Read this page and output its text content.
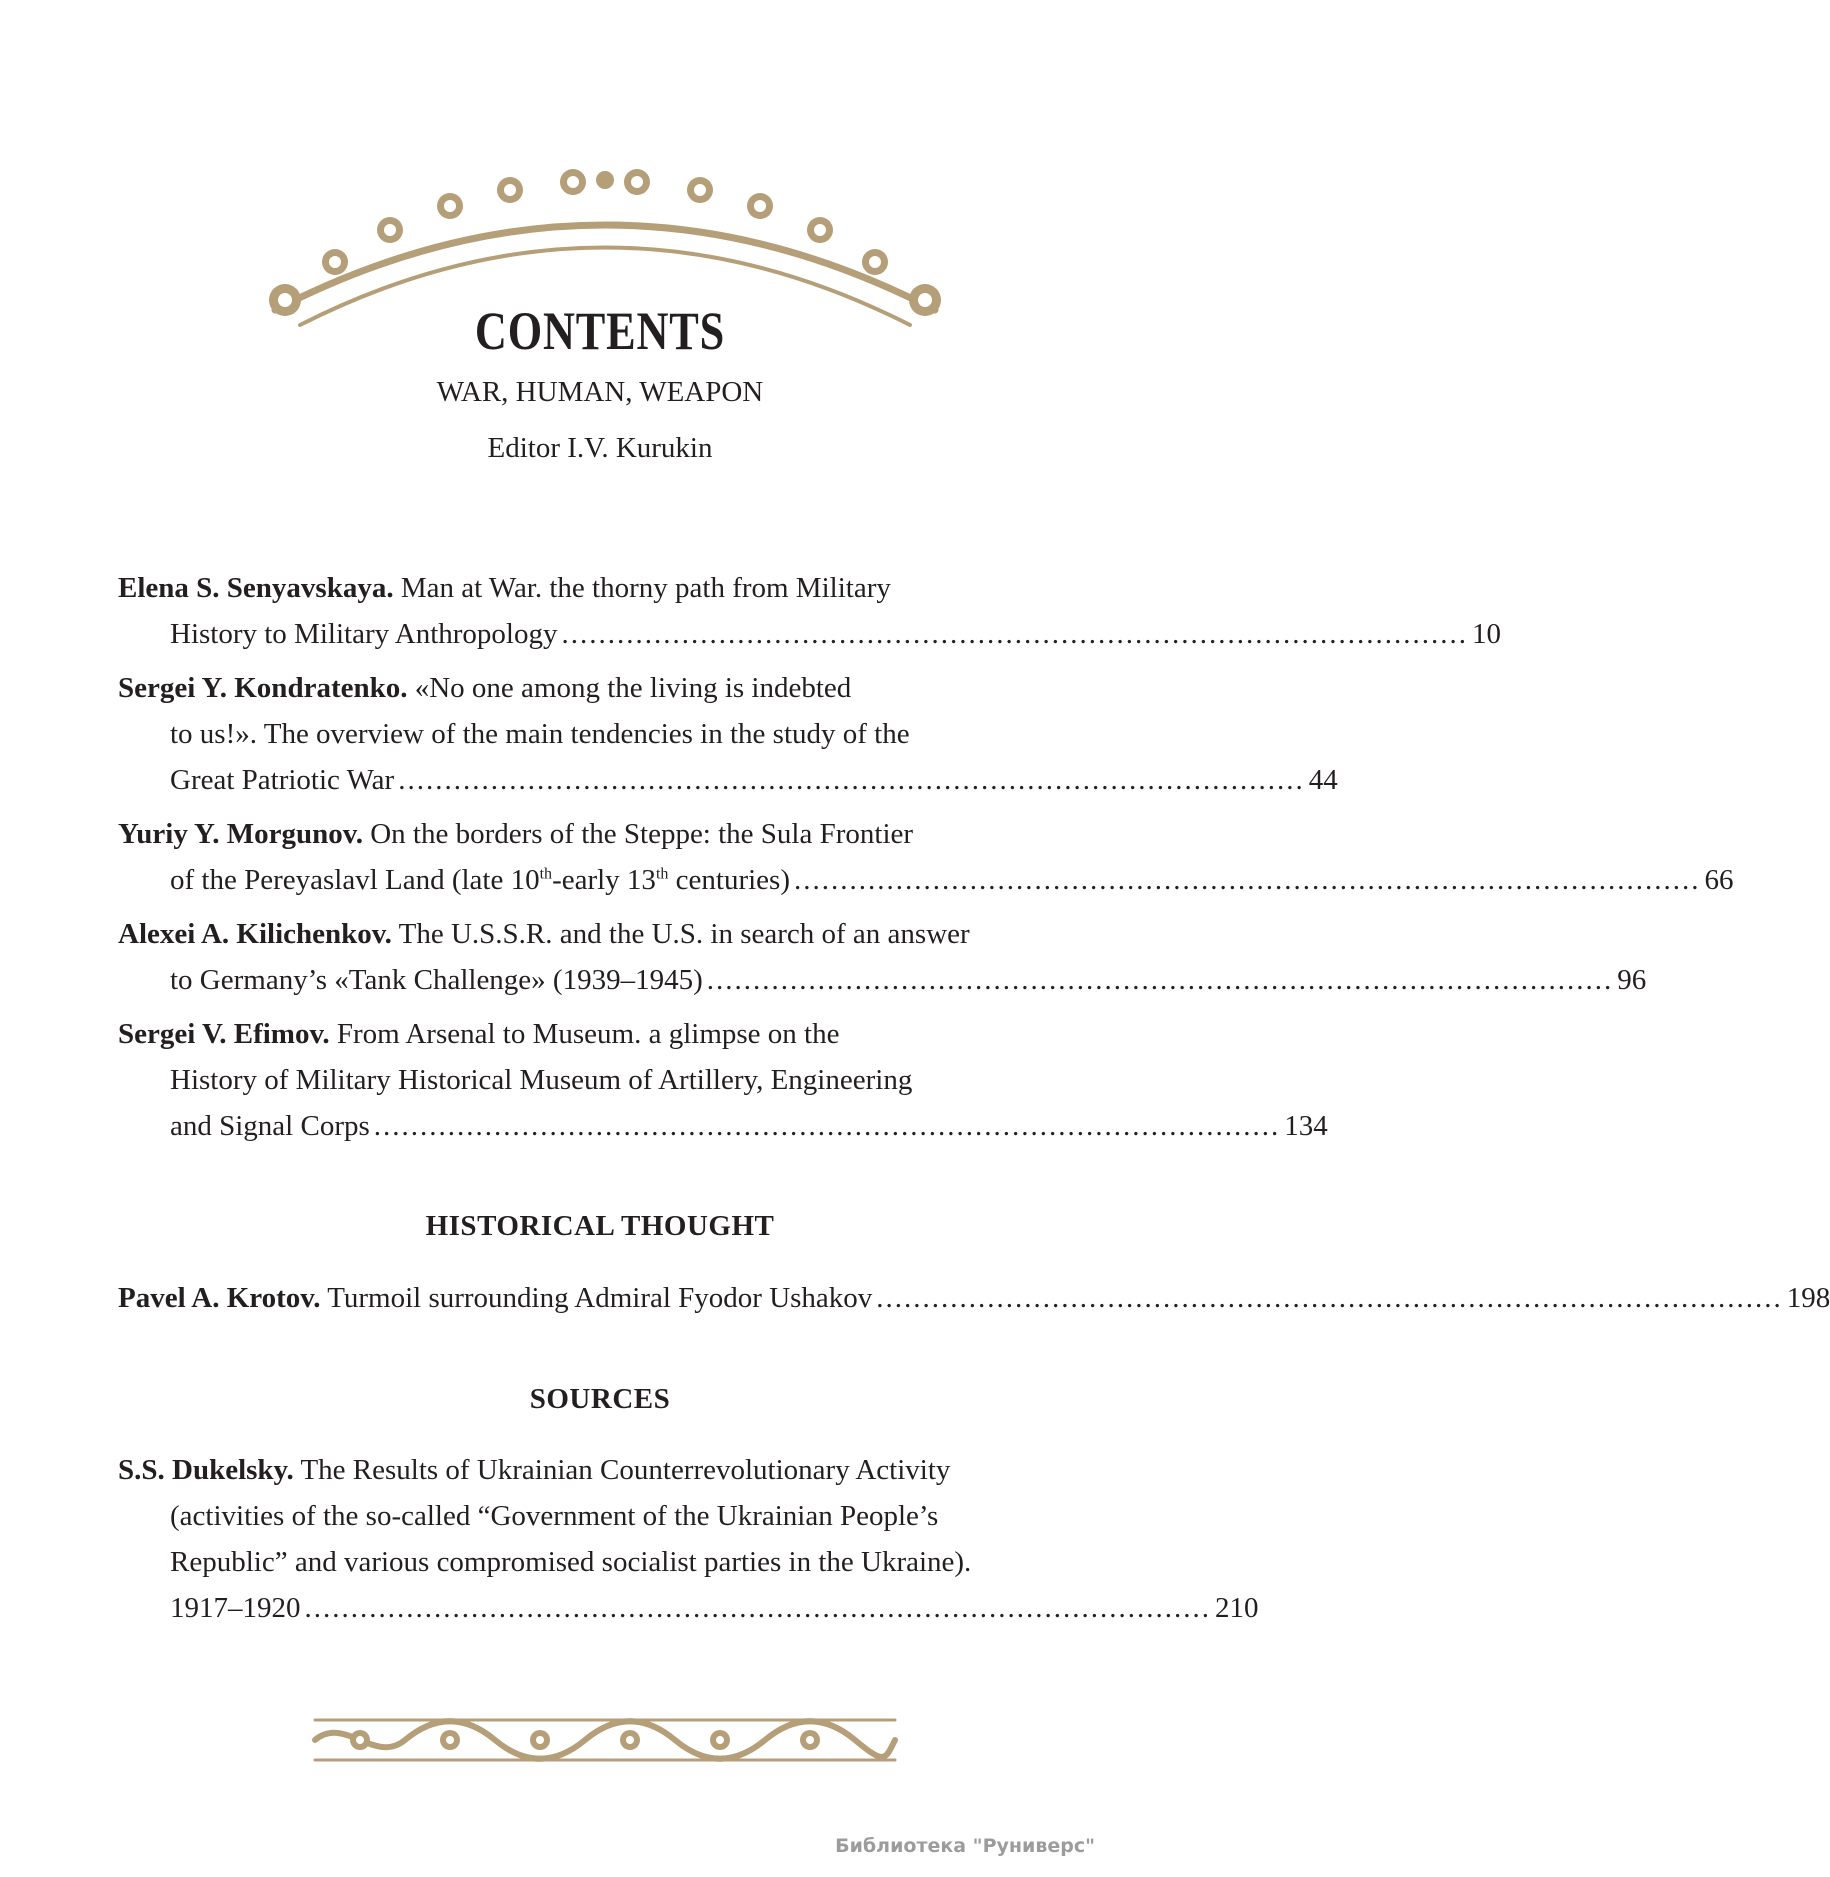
CONTENTS
WAR, HUMAN, WEAPON
Editor I.V. Kurukin
Elena S. Senyavskaya. Man at War. the thorny path from Military
History to Military Anthropology .................................................................................................. 10
Sergei Y. Kondratenko. «No one among the living is indebted
to us!». The overview of the main tendencies in the study of the
Great Patriotic War .................................................................................................. 44
Yuriy Y. Morgunov. On the borders of the Steppe: the Sula Frontier
of the Pereyaslavl Land (late 10th-early 13th centuries) .................................................................................................. 66
Alexei A. Kilichenkov. The U.S.S.R. and the U.S. in search of an answer
to Germany’s «Tank Challenge» (1939–1945) .................................................................................................. 96
Sergei V. Efimov. From Arsenal to Museum. a glimpse on the
History of Military Historical Museum of Artillery, Engineering
and Signal Corps .................................................................................................. 134
HISTORICAL THOUGHT
Pavel A. Krotov. Turmoil surrounding Admiral Fyodor Ushakov .................................................................................................. 198
SOURCES
S.S. Dukelsky. The Results of Ukrainian Counterrevolutionary Activity
(activities of the so-called “Government of the Ukrainian People’s
Republic” and various compromised socialist parties in the Ukraine).
1917–1920 .................................................................................................. 210
Библиотека "Руниверс"
